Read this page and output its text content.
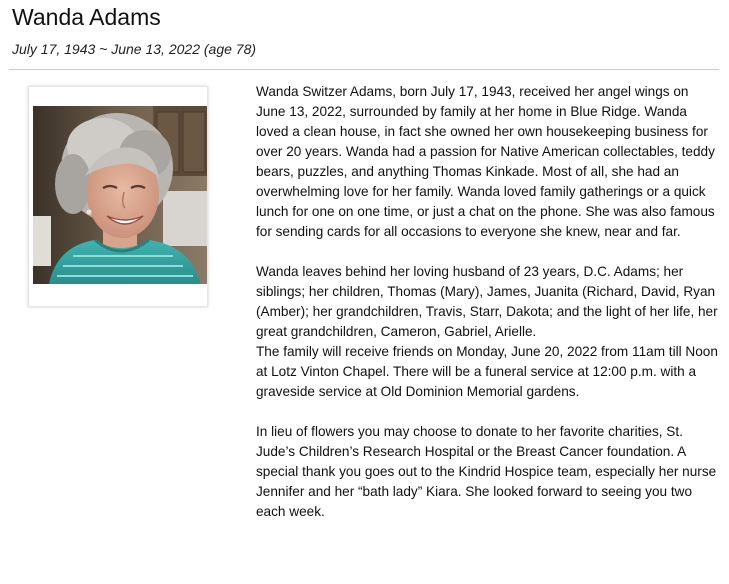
Wanda Adams
July 17, 1943 ~ June 13, 2022 (age 78)

Wanda Switzer Adams, born July 17, 1943, received her angel wings on June 13, 2022, surrounded by family at her home in Blue Ridge. Wanda loved a clean house, in fact she owned her own housekeeping business for over 20 years. Wanda had a passion for Native American collectables, teddy bears, puzzles, and anything Thomas Kinkade. Most of all, she had an overwhelming love for her family. Wanda loved family gatherings or a quick lunch for one on one time, or just a chat on the phone. She was also famous for sending cards for all occasions to everyone she knew, near and far.

Wanda leaves behind her loving husband of 23 years, D.C. Adams; her siblings; her children, Thomas (Mary), James, Juanita (Richard, David, Ryan (Amber); her grandchildren, Travis, Starr, Dakota; and the light of her life, her great grandchildren, Cameron, Gabriel, Arielle.

The family will receive friends on Monday, June 20, 2022 from 11am till Noon at Lotz Vinton Chapel. There will be a funeral service at 12:00 p.m. with a graveside service at Old Dominion Memorial gardens.

In lieu of flowers you may choose to donate to her favorite charities, St. Jude’s Children’s Research Hospital or the Breast Cancer foundation. A special thank you goes out to the Kindrid Hospice team, especially her nurse Jennifer and her “bath lady” Kiara. She looked forward to seeing you two each week.
